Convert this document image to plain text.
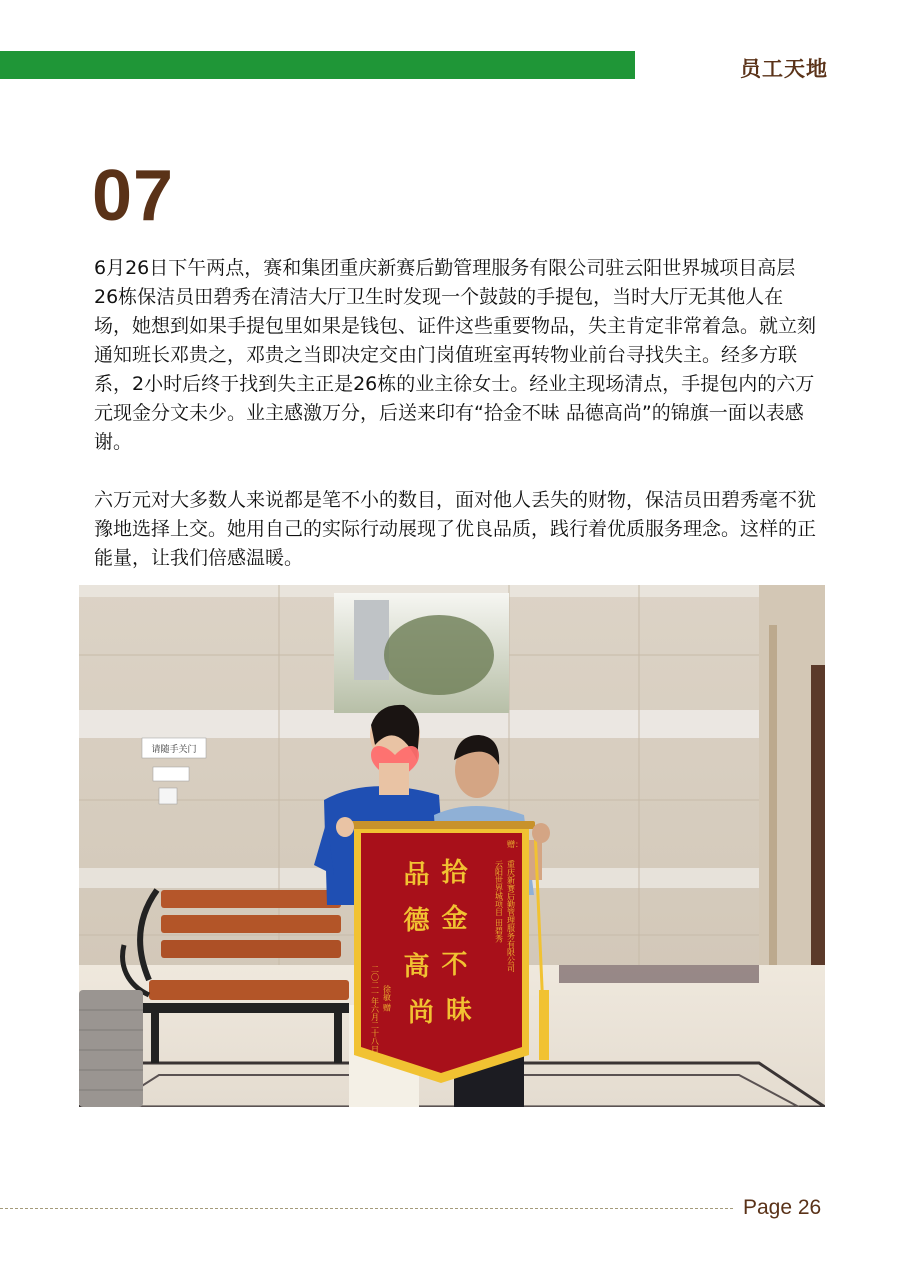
员工天地
07

6月26日下午两点，赛和集团重庆新赛后勤管理服务有限公司驻云阳世界城项目高层26栋保洁员田碧秀在清洁大厅卫生时发现一个鼓鼓的手提包，当时大厅无其他人在场，她想到如果手提包里如果是钱包、证件这些重要物品，失主肯定非常着急。就立刻通知班长邓贵之，邓贵之当即决定交由门岗值班室再转物业前台寻找失主。经多方联系，2小时后终于找到失主正是26栋的业主徐女士。经业主现场清点，手提包内的六万元现金分文未少。业主感激万分，后送来印有“拾金不昧 品德高尚”的锦旗一面以表感谢。

六万元对大多数人来说都是笔不小的数目，面对他人丢失的财物，保洁员田碧秀毫不犹豫地选择上交。她用自己的实际行动展现了优良品质，践行着优质服务理念。这样的正能量，让我们倍感温暖。

请随手关门
拾 金 不 昧
品 德 高 尚
赠：
重庆新赛后勤管理服务有限公司
云阳世界城项目 田碧秀
二〇二一年六月二十八日 徐敏 赠
Page 26
